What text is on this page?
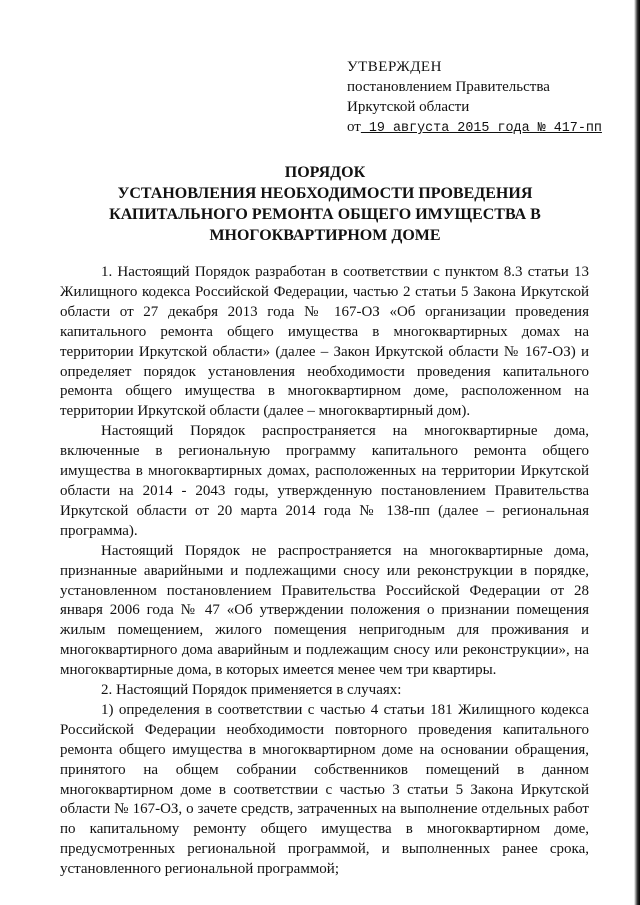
УТВЕРЖДЕН
постановлением Правительства
Иркутской области
от 19 августа 2015 года № 417-пп
ПОРЯДОК
УСТАНОВЛЕНИЯ НЕОБХОДИМОСТИ ПРОВЕДЕНИЯ
КАПИТАЛЬНОГО РЕМОНТА ОБЩЕГО ИМУЩЕСТВА В
МНОГОКВАРТИРНОМ ДОМЕ

1. Настоящий Порядок разработан в соответствии с пунктом 8.3 статьи 13 Жилищного кодекса Российской Федерации, частью 2 статьи 5 Закона Иркутской области от 27 декабря 2013 года № 167-ОЗ «Об организации проведения капитального ремонта общего имущества в многоквартирных домах на территории Иркутской области» (далее – Закон Иркутской области № 167-ОЗ) и определяет порядок установления необходимости проведения капитального ремонта общего имущества в многоквартирном доме, расположенном на территории Иркутской области (далее – многоквартирный дом).

Настоящий Порядок распространяется на многоквартирные дома, включенные в региональную программу капитального ремонта общего имущества в многоквартирных домах, расположенных на территории Иркутской области на 2014 - 2043 годы, утвержденную постановлением Правительства Иркутской области от 20 марта 2014 года № 138-пп (далее – региональная программа).

Настоящий Порядок не распространяется на многоквартирные дома, признанные аварийными и подлежащими сносу или реконструкции в порядке, установленном постановлением Правительства Российской Федерации от 28 января 2006 года № 47 «Об утверждении положения о признании помещения жилым помещением, жилого помещения непригодным для проживания и многоквартирного дома аварийным и подлежащим сносу или реконструкции», на многоквартирные дома, в которых имеется менее чем три квартиры.

2. Настоящий Порядок применяется в случаях:

1) определения в соответствии с частью 4 статьи 181 Жилищного кодекса Российской Федерации необходимости повторного проведения капитального ремонта общего имущества в многоквартирном доме на основании обращения, принятого на общем собрании собственников помещений в данном многоквартирном доме в соответствии с частью 3 статьи 5 Закона Иркутской области № 167-ОЗ, о зачете средств, затраченных на выполнение отдельных работ по капитальному ремонту общего имущества в многоквартирном доме, предусмотренных региональной программой, и выполненных ранее срока, установленного региональной программой;
